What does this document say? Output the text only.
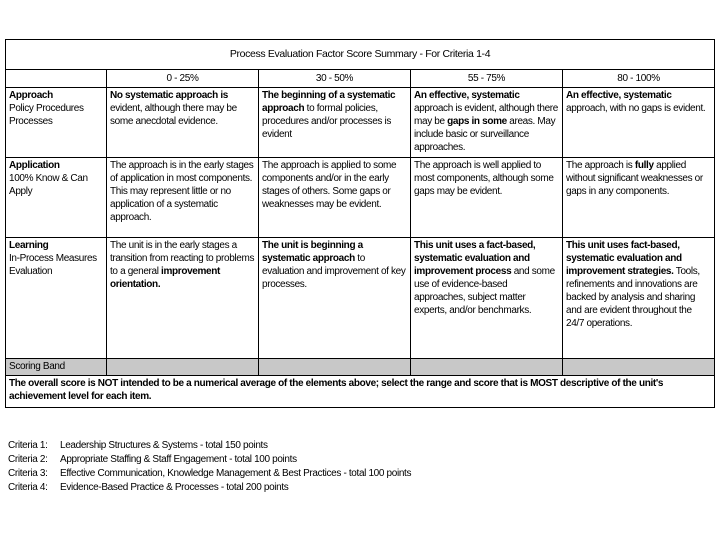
Process Evaluation Factor Score Summary - For Criteria 1-4				
	0 - 25%	30 - 50%	55 - 75%	80 - 100%

Approach
Policy Procedures Processes	No systematic approach is evident, although there may be some anecdotal evidence.	The beginning of a systematic approach to formal policies, procedures and/or processes is evident	An effective, systematic approach is evident, although there may be gaps in some areas. May include basic or surveillance approaches.	An effective, systematic approach, with no gaps is evident.

Application
100% Know & Can Apply	The approach is in the early stages of application in most components. This may represent little or no application of a systematic approach.	The approach is applied to some components and/or in the early stages of others. Some gaps or weaknesses may be evident.	The approach is well applied to most components, although some gaps may be evident.	The approach is fully applied without significant weaknesses or gaps in any components.

Learning
In-Process Measures Evaluation	The unit is in the early stages a transition from reacting to problems to a general improvement orientation.	The unit is beginning a systematic approach to evaluation and improvement of key processes.	This unit uses a fact-based, systematic evaluation and improvement process and some use of evidence-based approaches, subject matter experts, and/or benchmarks.	This unit uses fact-based, systematic evaluation and improvement strategies. Tools, refinements and innovations are backed by analysis and sharing and are evident throughout the 24/7 operations.
Scoring Band				
The overall score is NOT intended to be a numerical average of the elements above; select the range and score that is MOST descriptive of the unit's achievement level for each item.				
Criteria 1: Leadership Structures & Systems - total 150 points
Criteria 2: Appropriate Staffing & Staff Engagement - total 100 points
Criteria 3: Effective Communication, Knowledge Management & Best Practices - total 100 points
Criteria 4: Evidence-Based Practice & Processes - total 200 points
